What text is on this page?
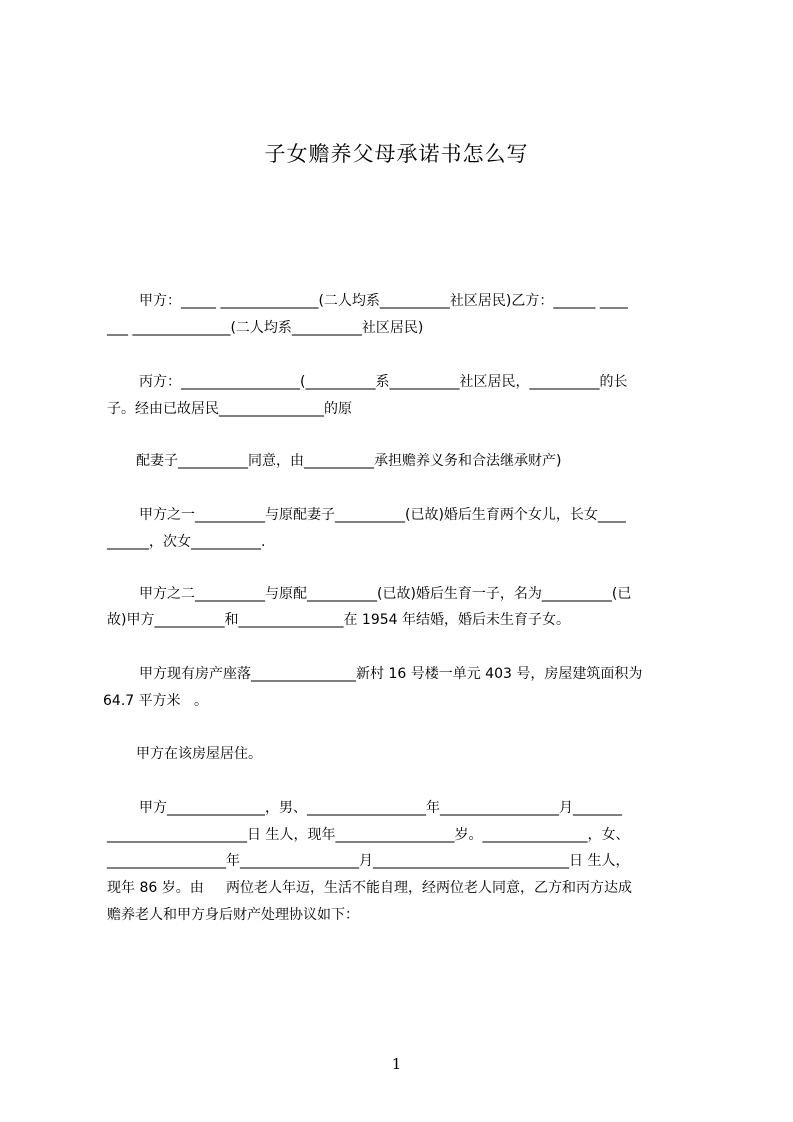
子女赡养父母承诺书怎么写
甲方：_____ ______________(二人均系__________社区居民)乙方：______ ____
___ ______________(二人均系__________社区居民)
丙方：_________________(__________系__________社区居民，__________的长
子。经由已故居民_______________的原
配妻子__________同意，由__________承担赡养义务和合法继承财产)
甲方之一__________与原配妻子__________(已故)婚后生育两个女儿，长女____
______，次女__________.
甲方之二__________与原配__________(已故)婚后生育一子，名为__________(已
故)甲方__________和_______________在 1954 年结婚，婚后未生育子女。
甲方现有房产座落_______________新村 16 号楼一单元 403 号，房屋建筑面积为
64.7 平方米   。
甲方在该房屋居住。
甲方______________，男、_________________年_________________月_______
____________________日 生人，现年_________________岁。_______________，女、
_________________年_________________月____________________________日 生人，
现年 86 岁。由     两位老人年迈，生活不能自理，经两位老人同意，乙方和丙方达成
赡养老人和甲方身后财产处理协议如下：
1
